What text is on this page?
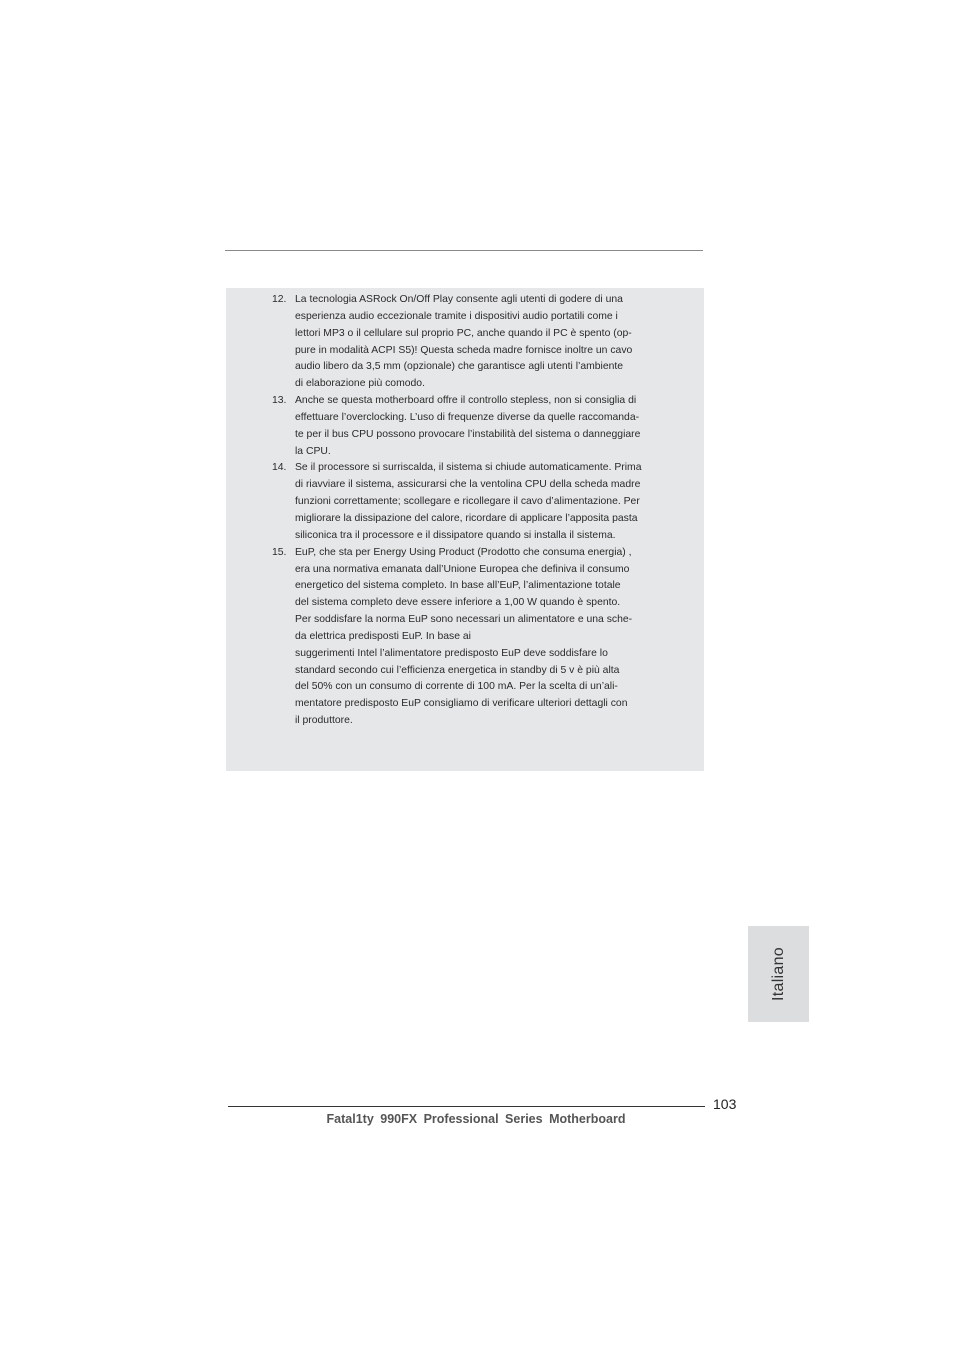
12. La tecnologia ASRock On/Off Play consente agli utenti di godere di una
esperienza audio eccezionale tramite i dispositivi audio portatili come i
lettori MP3 o il cellulare sul proprio PC, anche quando il PC è spento (op-
pure in modalità ACPI S5)! Questa scheda madre fornisce inoltre un cavo
audio libero da 3,5 mm (opzionale) che garantisce agli utenti l’ambiente
di elaborazione più comodo.
13. Anche se questa motherboard offre il controllo stepless, non si consiglia di
effettuare l’overclocking. L’uso di frequenze diverse da quelle raccomanda-
te per il bus CPU possono provocare l’instabilità del sistema o danneggiare
la CPU.
14. Se il processore si surriscalda, il sistema si chiude automaticamente. Prima
di riavviare il sistema, assicurarsi che la ventolina CPU della scheda madre
funzioni correttamente; scollegare e ricollegare il cavo d’alimentazione. Per
migliorare la dissipazione del calore, ricordare di applicare l’apposita pasta
siliconica tra il processore e il dissipatore quando si installa il sistema.
15. EuP, che sta per Energy Using Product (Prodotto che consuma energia) ,
era una normativa emanata dall’Unione Europea che definiva il consumo
energetico del sistema completo. In base all’EuP, l’alimentazione totale
del sistema completo deve essere inferiore a 1,00 W quando è spento.
Per soddisfare la norma EuP sono necessari un alimentatore e una sche-
da elettrica predisposti EuP. In base ai
suggerimenti Intel l’alimentatore predisposto EuP deve soddisfare lo
standard secondo cui l’efficienza energetica in standby di 5 v è più alta
del 50% con un consumo di corrente di 100 mA. Per la scelta di un’ali-
mentatore predisposto EuP consigliamo di verificare ulteriori dettagli con
il produttore.
Italiano
103
Fatal1ty 990FX Professional Series Motherboard
